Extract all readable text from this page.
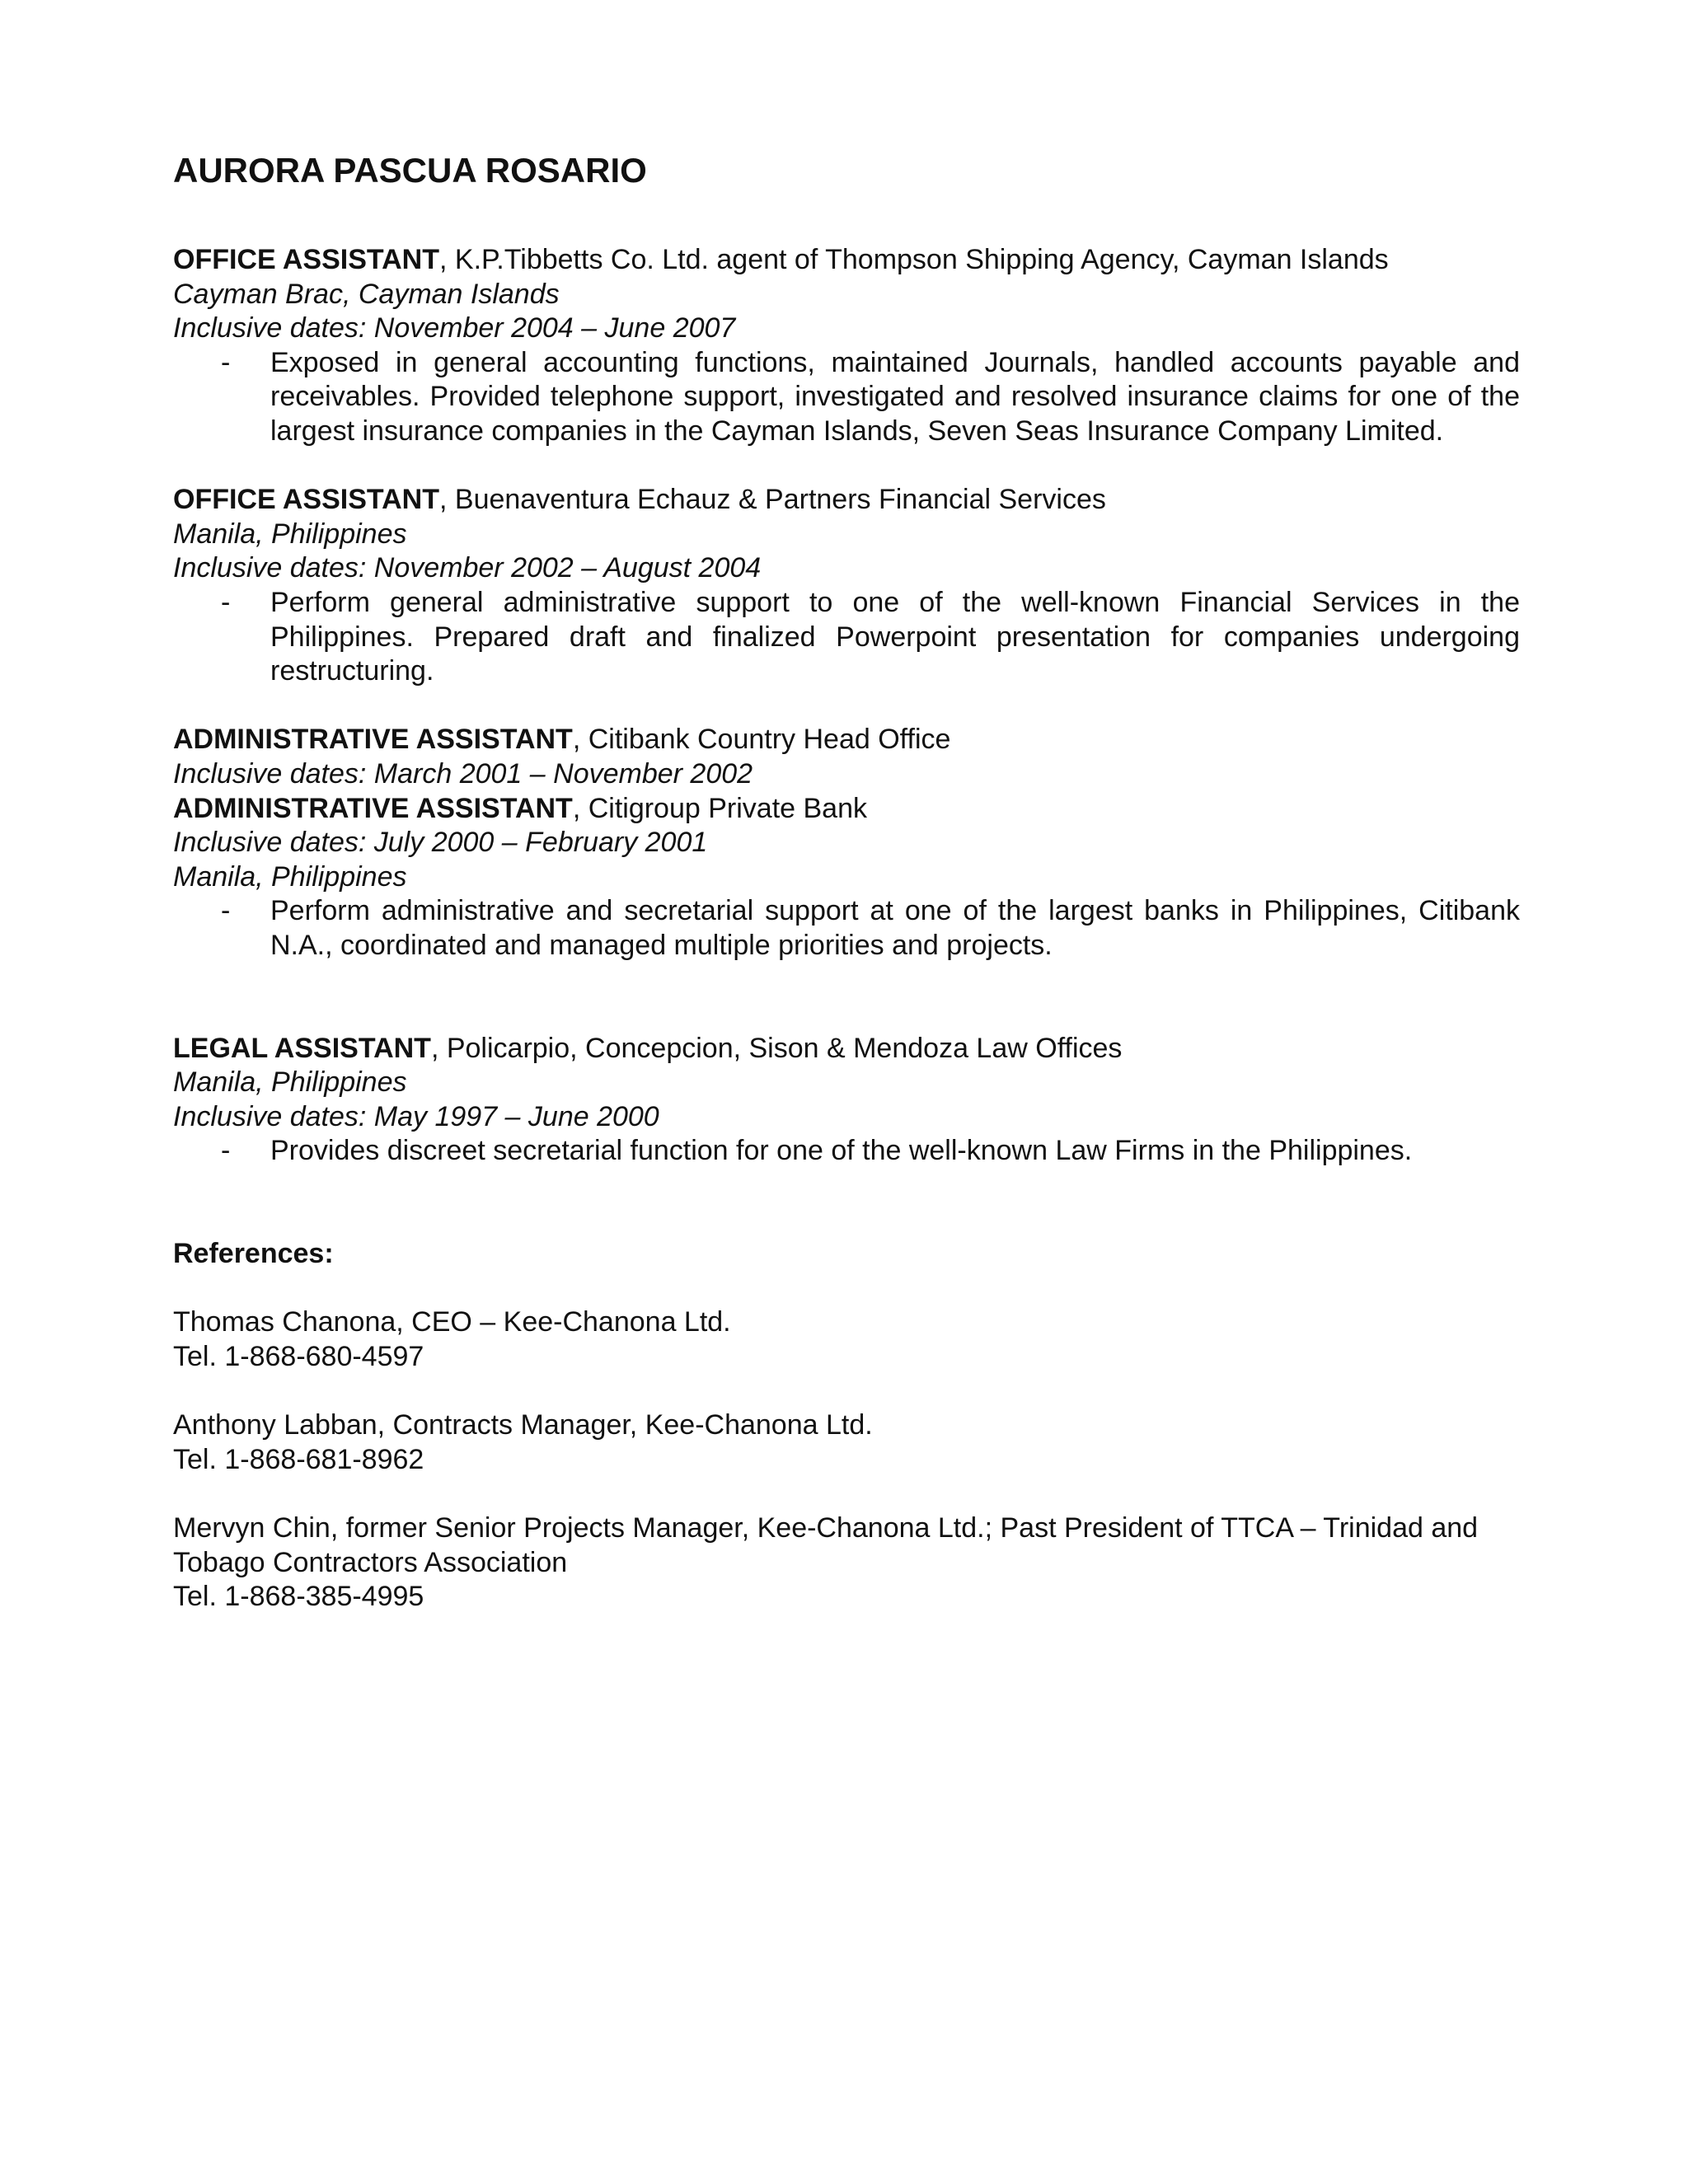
AURORA PASCUA ROSARIO
OFFICE ASSISTANT, K.P.Tibbetts Co. Ltd. agent of Thompson Shipping Agency, Cayman Islands
Cayman Brac, Cayman Islands
Inclusive dates: November 2004 – June 2007
- Exposed in general accounting functions, maintained Journals, handled accounts payable and receivables. Provided telephone support, investigated and resolved insurance claims for one of the largest insurance companies in the Cayman Islands, Seven Seas Insurance Company Limited.
OFFICE ASSISTANT, Buenaventura Echauz & Partners Financial Services
Manila, Philippines
Inclusive dates: November 2002 – August 2004
- Perform general administrative support to one of the well-known Financial Services in the Philippines. Prepared draft and finalized Powerpoint presentation for companies undergoing restructuring.
ADMINISTRATIVE ASSISTANT, Citibank Country Head Office
Inclusive dates: March 2001 – November 2002
ADMINISTRATIVE ASSISTANT, Citigroup Private Bank
Inclusive dates: July 2000 – February 2001
Manila, Philippines
- Perform administrative and secretarial support at one of the largest banks in Philippines, Citibank N.A., coordinated and managed multiple priorities and projects.
LEGAL ASSISTANT, Policarpio, Concepcion, Sison & Mendoza Law Offices
Manila, Philippines
Inclusive dates: May 1997 – June 2000
- Provides discreet secretarial function for one of the well-known Law Firms in the Philippines.
References:
Thomas Chanona, CEO – Kee-Chanona Ltd.
Tel. 1-868-680-4597
Anthony Labban, Contracts Manager, Kee-Chanona Ltd.
Tel. 1-868-681-8962
Mervyn Chin, former Senior Projects Manager, Kee-Chanona Ltd.; Past President of TTCA – Trinidad and Tobago Contractors Association
Tel. 1-868-385-4995
